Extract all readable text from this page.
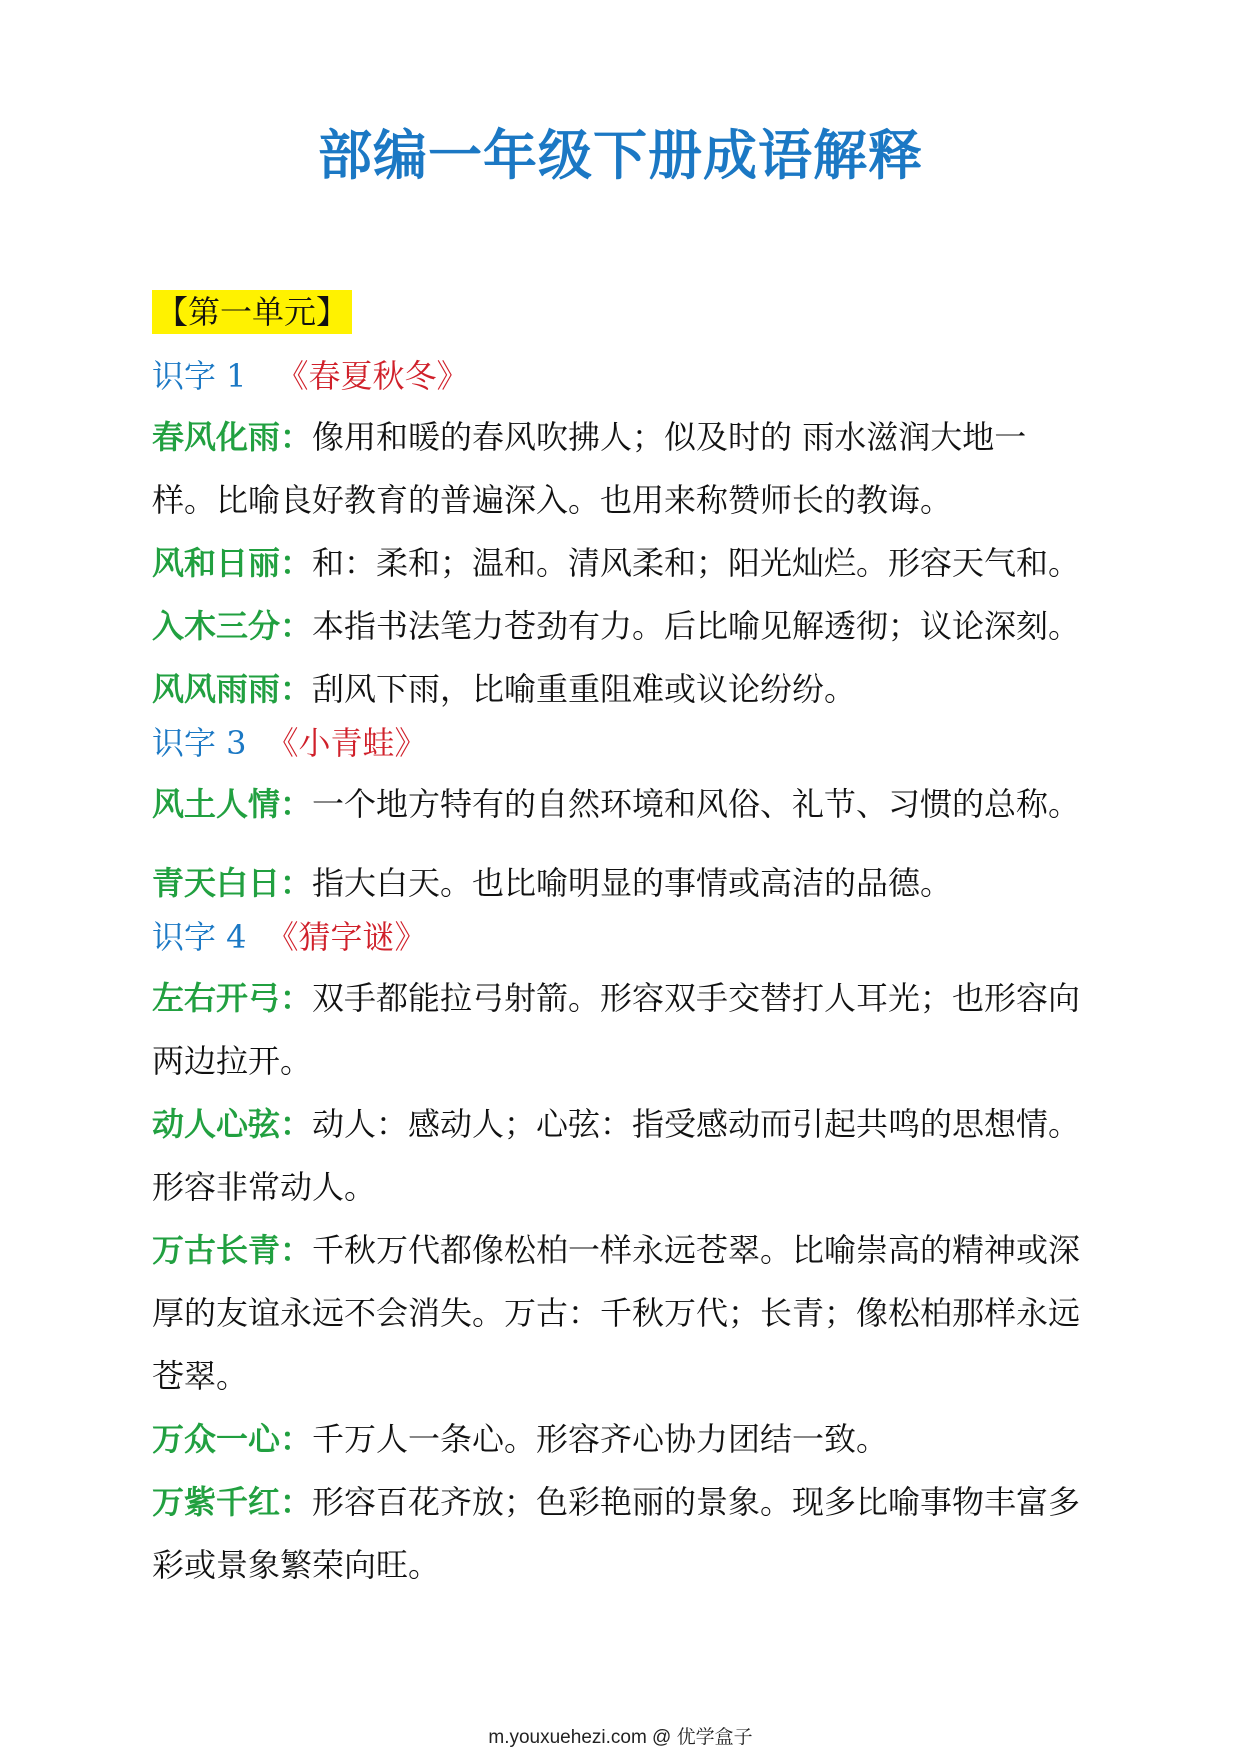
部编一年级下册成语解释
【第一单元】
识字 1 《春夏秋冬》
春风化雨：像用和暖的春风吹拂人；似及时的 雨水滋润大地一样。比喻良好教育的普遍深入。也用来称赞师长的教诲。
风和日丽：和：柔和；温和。清风柔和；阳光灿烂。形容天气和。
入木三分：本指书法笔力苍劲有力。后比喻见解透彻；议论深刻。
风风雨雨：刮风下雨，比喻重重阻难或议论纷纷。
识字 3 《小青蛙》
风土人情：一个地方特有的自然环境和风俗、礼节、习惯的总称。
青天白日：指大白天。也比喻明显的事情或高洁的品德。
识字 4 《猜字谜》
左右开弓：双手都能拉弓射箭。形容双手交替打人耳光；也形容向两边拉开。
动人心弦：动人：感动人；心弦：指受感动而引起共鸣的思想情。形容非常动人。
万古长青：千秋万代都像松柏一样永远苍翠。比喻崇高的精神或深厚的友谊永远不会消失。万古：千秋万代；长青；像松柏那样永远苍翠。
万众一心：千万人一条心。形容齐心协力团结一致。
万紫千红：形容百花齐放；色彩艳丽的景象。现多比喻事物丰富多彩或景象繁荣向旺。
m.youxuehezi.com @ 优学盒子
